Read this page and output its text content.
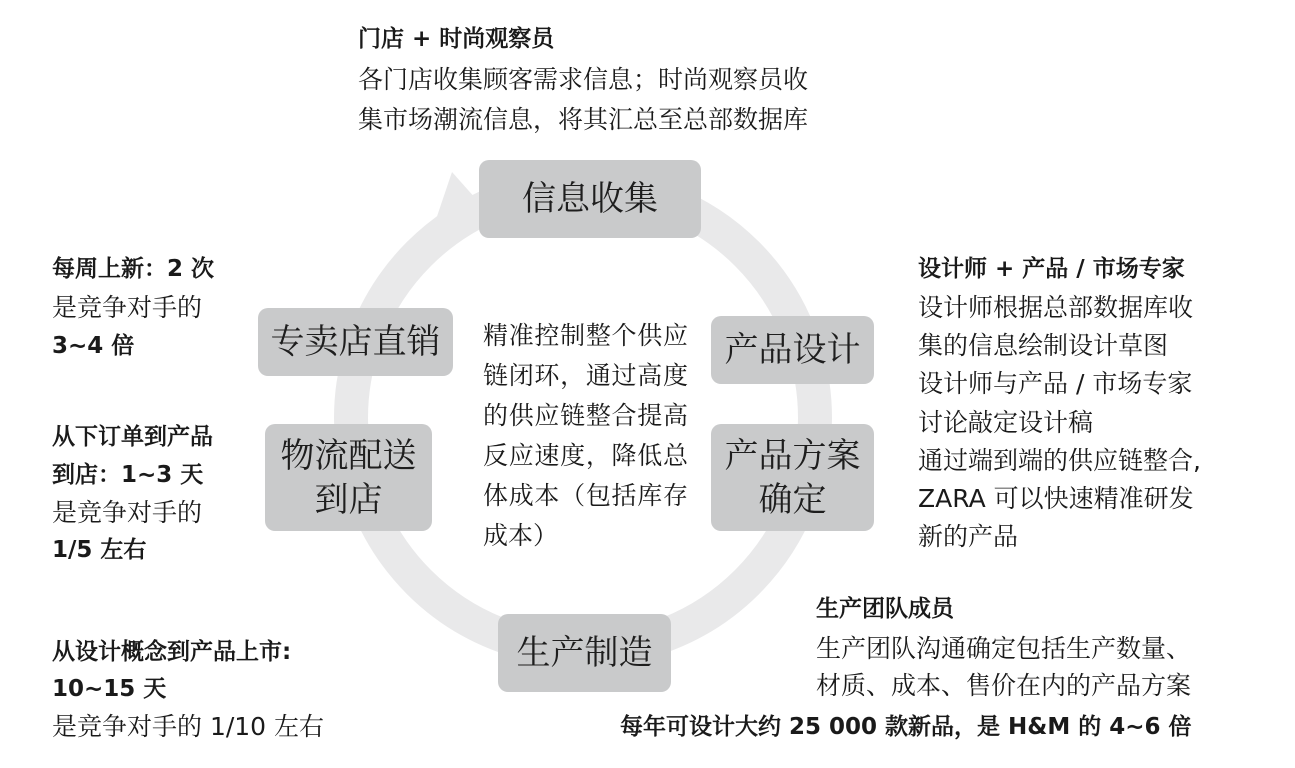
信息收集
产品设计
产品方案
确定
生产制造
物流配送
到店
专卖店直销 精准控制整个供应链闭环，通过高度的供应链整合提高反应速度，降低总体成本（包括库存成本）
门店 + 时尚观察员
各门店收集顾客需求信息；时尚观察员收
集市场潮流信息，将其汇总至总部数据库
每周上新：2 次
是竞争对手的
3~4 倍
从下订单到产品
到店：1~3 天
是竞争对手的
1/5 左右
从设计概念到产品上市:
10~15 天
是竞争对手的 1/10 左右
设计师 + 产品 / 市场专家
设计师根据总部数据库收
集的信息绘制设计草图
设计师与产品 / 市场专家
讨论敲定设计稿
通过端到端的供应链整合,
ZARA 可以快速精准研发
新的产品
生产团队成员
生产团队沟通确定包括生产数量、
材质、成本、售价在内的产品方案
每年可设计大约 25 000 款新品，是 H&M 的 4~6 倍
